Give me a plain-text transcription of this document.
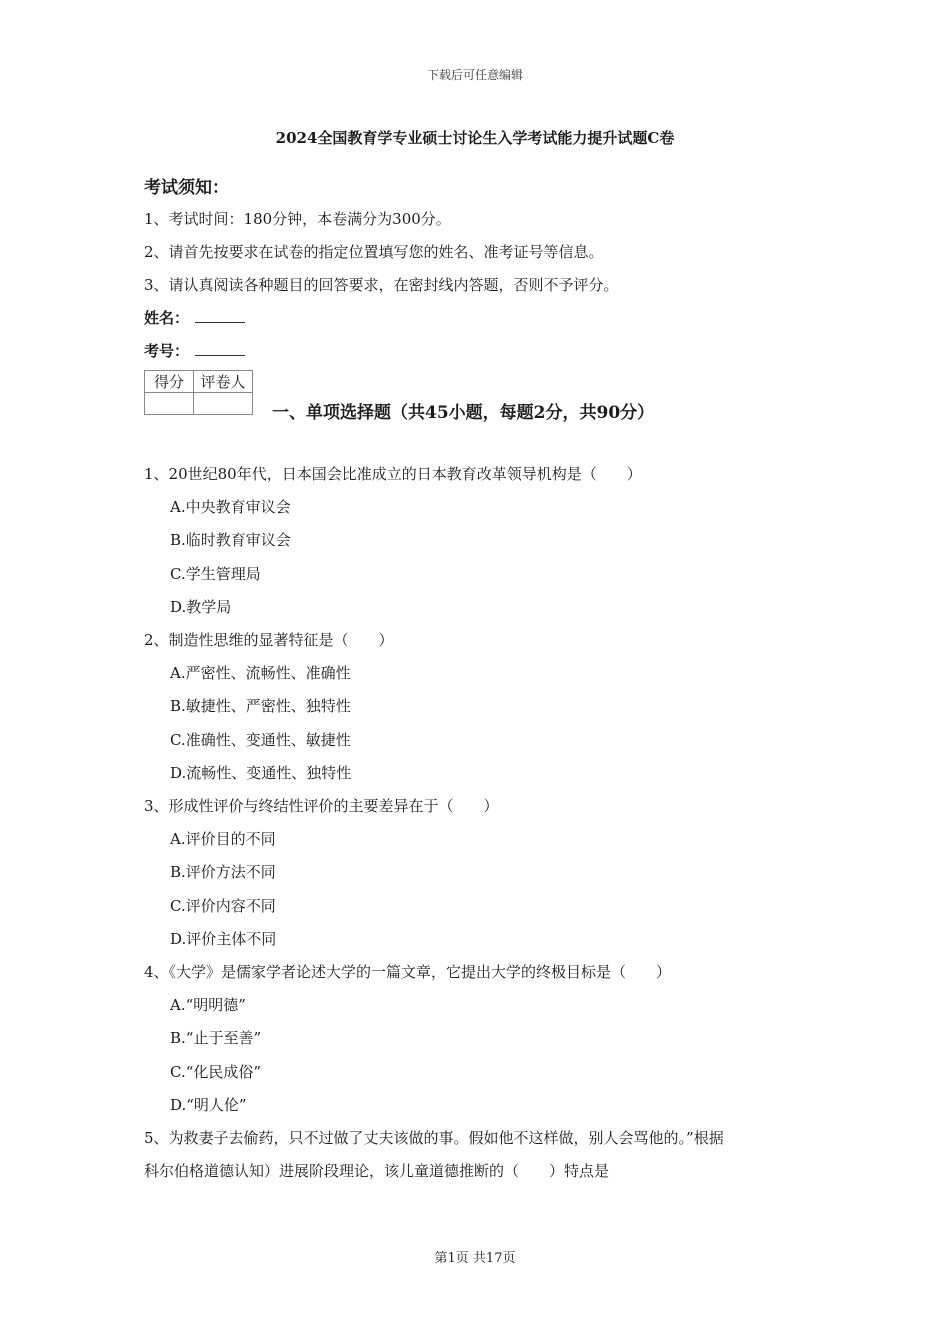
下载后可任意编辑
2024全国教育学专业硕士讨论生入学考试能力提升试题C卷
考试须知：
1、考试时间：180分钟，本卷满分为300分。
2、请首先按要求在试卷的指定位置填写您的姓名、准考证号等信息。
3、请认真阅读各种题目的回答要求，在密封线内答题，否则不予评分。
姓名：
考号：
得分	评卷人

一、单项选择题（共45小题，每题2分，共90分）
1、20世纪80年代，日本国会比准成立的日本教育改革领导机构是（　　）
A.中央教育审议会
B.临时教育审议会
C.学生管理局
D.教学局
2、制造性思维的显著特征是（　　）
A.严密性、流畅性、准确性
B.敏捷性、严密性、独特性
C.准确性、变通性、敏捷性
D.流畅性、变通性、独特性
3、形成性评价与终结性评价的主要差异在于（　　）
A.评价目的不同
B.评价方法不同
C.评价内容不同
D.评价主体不同
4、《大学》是儒家学者论述大学的一篇文章，它提出大学的终极目标是（　　）
A.“明明德”
B.“止于至善”
C.“化民成俗”
D.“明人伦”
5、为救妻子去偷药，只不过做了丈夫该做的事。假如他不这样做，别人会骂他的。”根据
科尔伯格道德认知）进展阶段理论，该儿童道德推断的（　　）特点是
第1页 共17页
